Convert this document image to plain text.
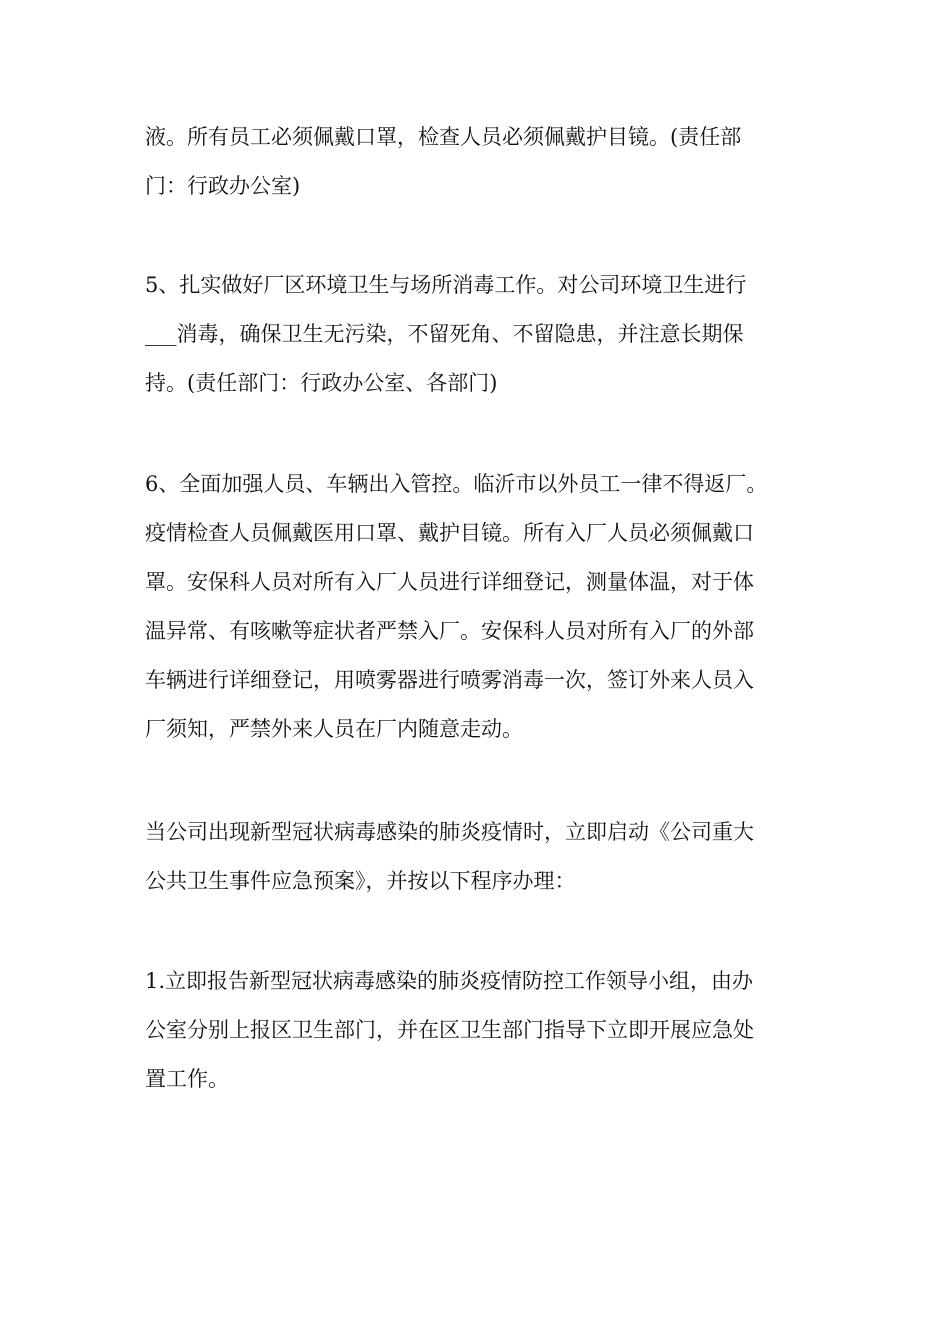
液。所有员工必须佩戴口罩，检查人员必须佩戴护目镜。(责任部
门：行政办公室)
5、扎实做好厂区环境卫生与场所消毒工作。对公司环境卫生进行
___消毒，确保卫生无污染，不留死角、不留隐患，并注意长期保
持。(责任部门：行政办公室、各部门)
6、全面加强人员、车辆出入管控。临沂市以外员工一律不得返厂。
疫情检查人员佩戴医用口罩、戴护目镜。所有入厂人员必须佩戴口
罩。安保科人员对所有入厂人员进行详细登记，测量体温，对于体
温异常、有咳嗽等症状者严禁入厂。安保科人员对所有入厂的外部
车辆进行详细登记，用喷雾器进行喷雾消毒一次，签订外来人员入
厂须知，严禁外来人员在厂内随意走动。
当公司出现新型冠状病毒感染的肺炎疫情时，立即启动《公司重大
公共卫生事件应急预案》，并按以下程序办理：
1.立即报告新型冠状病毒感染的肺炎疫情防控工作领导小组，由办
公室分别上报区卫生部门，并在区卫生部门指导下立即开展应急处
置工作。
